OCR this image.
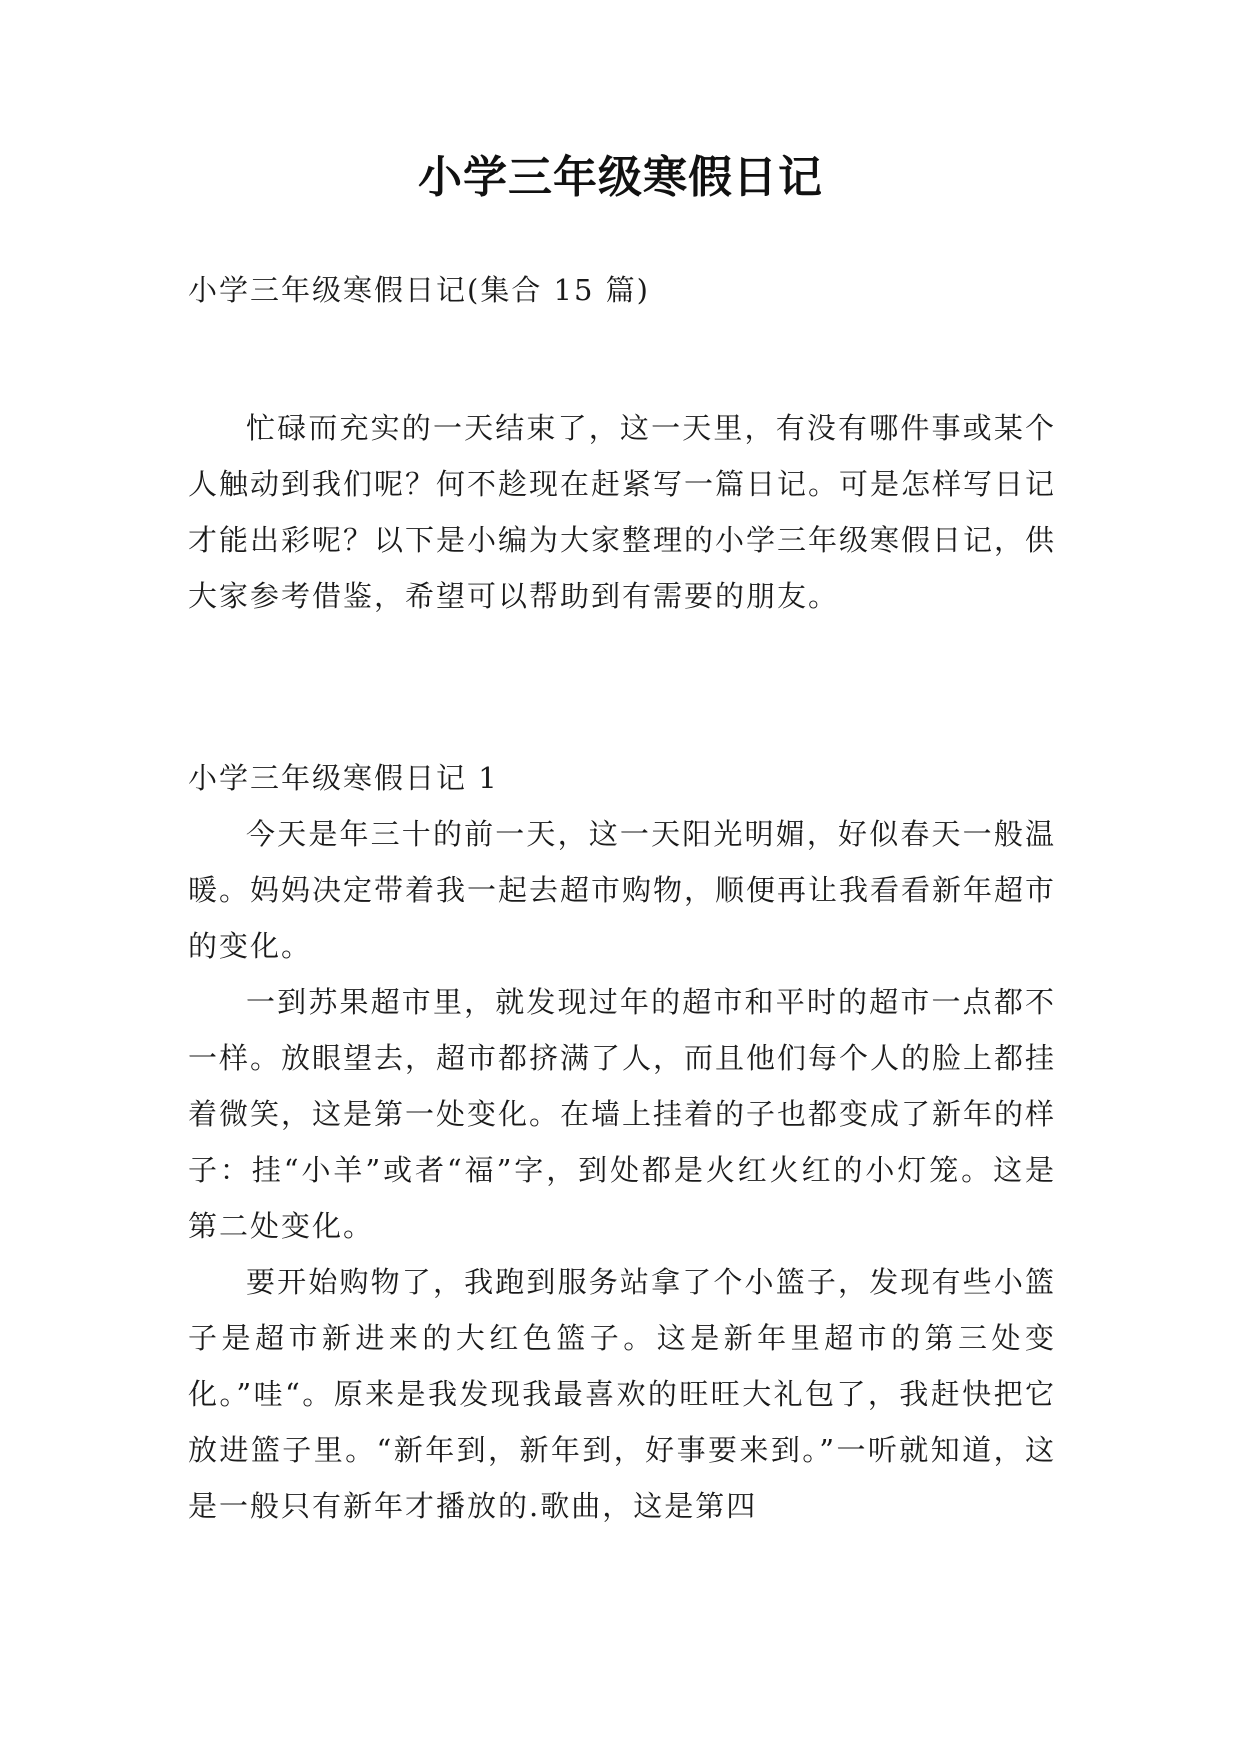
小学三年级寒假日记
小学三年级寒假日记(集合 15 篇)

忙碌而充实的一天结束了，这一天里，有没有哪件事或某个人触动到我们呢？何不趁现在赶紧写一篇日记。可是怎样写日记才能出彩呢？以下是小编为大家整理的小学三年级寒假日记，供大家参考借鉴，希望可以帮助到有需要的朋友。

小学三年级寒假日记 1

今天是年三十的前一天，这一天阳光明媚，好似春天一般温暖。妈妈决定带着我一起去超市购物，顺便再让我看看新年超市的变化。

一到苏果超市里，就发现过年的超市和平时的超市一点都不一样。放眼望去，超市都挤满了人，而且他们每个人的脸上都挂着微笑，这是第一处变化。在墙上挂着的子也都变成了新年的样子：挂“小羊”或者“福”字，到处都是火红火红的小灯笼。这是第二处变化。

要开始购物了，我跑到服务站拿了个小篮子，发现有些小篮子是超市新进来的大红色篮子。这是新年里超市的第三处变化。”哇“。原来是我发现我最喜欢的旺旺大礼包了，我赶快把它放进篮子里。“新年到，新年到，好事要来到。”一听就知道，这是一般只有新年才播放的.歌曲，这是第四
